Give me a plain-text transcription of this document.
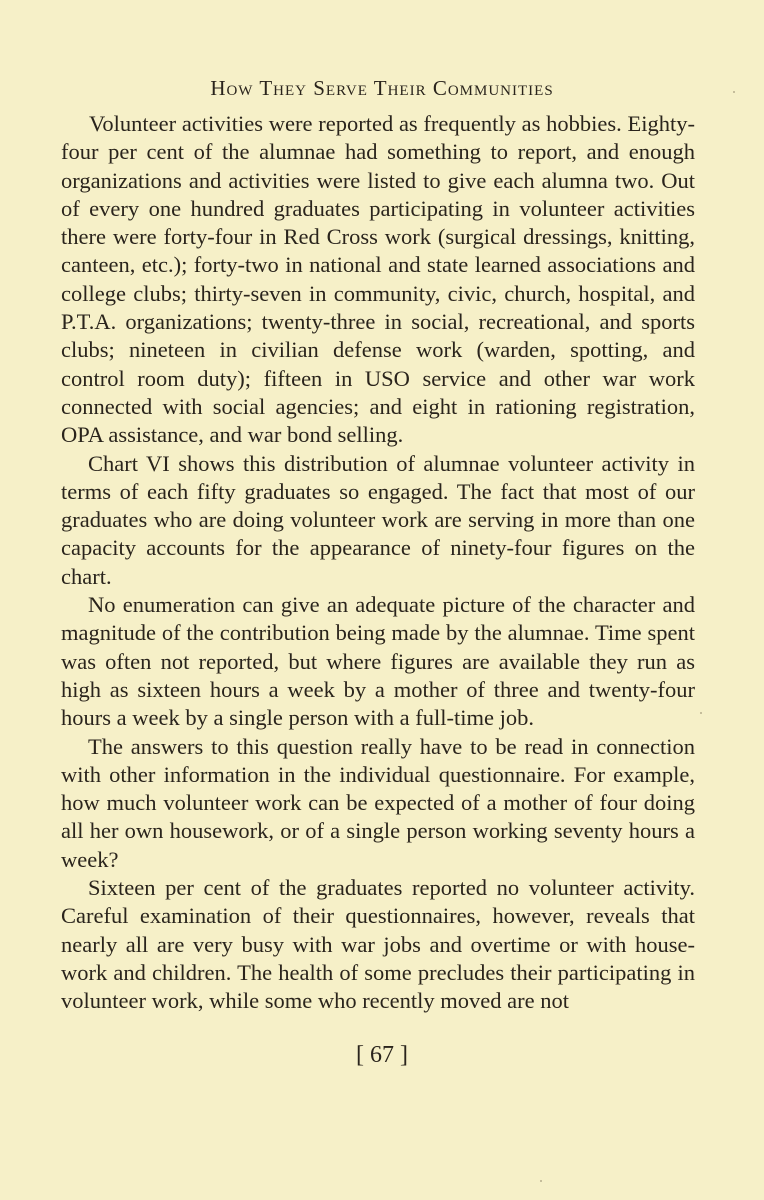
How They Serve Their Communities

Volunteer activities were reported as frequently as hobbies. Eighty-four per cent of the alumnae had something to report, and enough organizations and activities were listed to give each alumna two. Out of every one hundred graduates participating in volunteer activities there were forty-four in Red Cross work (surgical dressings, knitting, canteen, etc.); forty-two in national and state learned associations and college clubs; thirty-seven in community, civic, church, hospital, and P.T.A. organizations; twenty-three in social, recreational, and sports clubs; nineteen in civilian defense work (warden, spotting, and control room duty); fifteen in USO service and other war work connected with social agencies; and eight in rationing registration, OPA assistance, and war bond selling.

Chart VI shows this distribution of alumnae volunteer activity in terms of each fifty graduates so engaged. The fact that most of our graduates who are doing volunteer work are serving in more than one capacity accounts for the appearance of ninety-four figures on the chart.

No enumeration can give an adequate picture of the character and magnitude of the contribution being made by the alumnae. Time spent was often not reported, but where figures are available they run as high as sixteen hours a week by a mother of three and twenty-four hours a week by a single person with a full-time job.

The answers to this question really have to be read in connection with other information in the individual questionnaire. For example, how much volunteer work can be expected of a mother of four doing all her own housework, or of a single person working seventy hours a week?

Sixteen per cent of the graduates reported no volunteer activity. Careful examination of their questionnaires, however, reveals that nearly all are very busy with war jobs and overtime or with housework and children. The health of some precludes their participating in volunteer work, while some who recently moved are not

[ 67 ]
